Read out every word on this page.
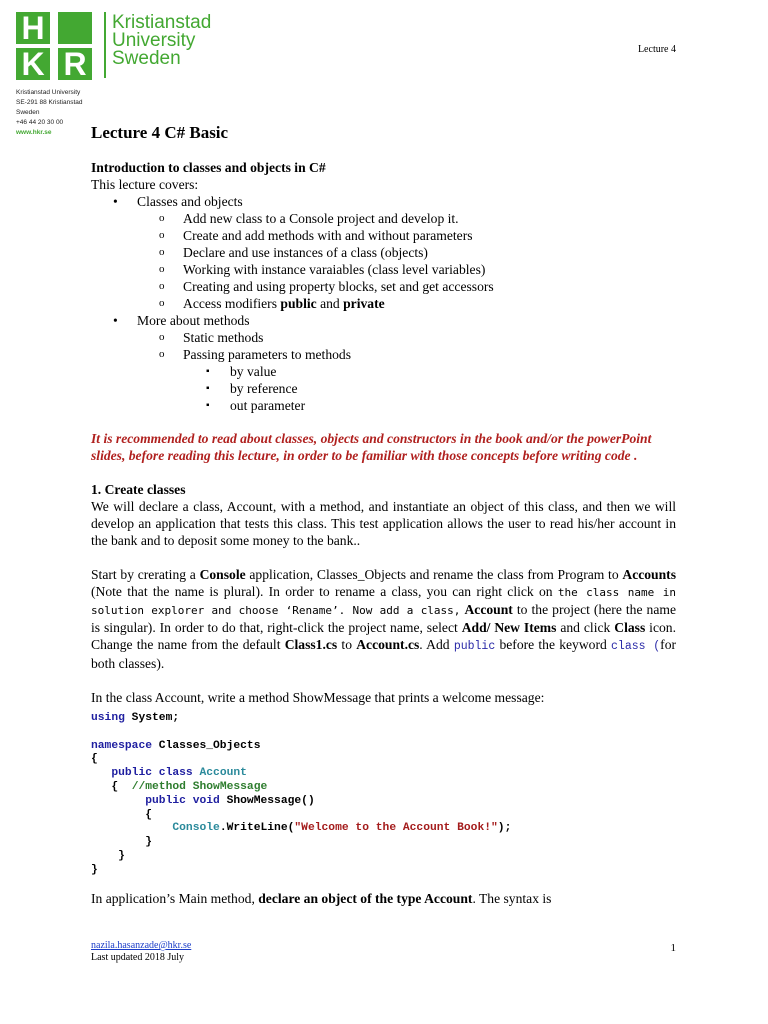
H
K R
Kristianstad
University
Sweden
Kristianstad University
SE-291 88 Kristianstad
Sweden
+46 44 20 30 00
www.hkr.se
Lecture 4
Lecture 4 C# Basic
Introduction to classes and objects in C#
This lecture covers:
• Classes and objects
o Add new class to a Console project and develop it.
o Create and add methods with and without parameters
o Declare and use instances of a class (objects)
o Working with instance varaiables (class level variables)
o Creating and using property blocks, set and get accessors
o Access modifiers public and private
• More about methods
o Static methods
o Passing parameters to methods
▪ by value
▪ by reference
▪ out parameter
It is recommended to read about classes, objects and constructors in the book and/or the powerPoint slides, before reading this lecture, in order to be familiar with those concepts before writing code .
1. Create classes
We will declare a class, Account, with a method, and instantiate an object of this class, and then we will develop an application that tests this class. This test application allows the user to read his/her account in the bank and to deposit some money to the bank..
Start by crerating a Console application, Classes_Objects and rename the class from Program to Accounts (Note that the name is plural). In order to rename a class, you can right click on the class name in solution explorer and choose ‘Rename’. Now add a class, Account to the project (here the name is singular). In order to do that, right-click the project name, select Add/ New Items and click Class icon. Change the name from the default Class1.cs to Account.cs. Add public before the keyword class (for both classes).
In the class Account, write a method ShowMessage that prints a welcome message:
using System;

namespace Classes_Objects
{
public class Account
{ //method ShowMessage
public void ShowMessage()
{
Console.WriteLine("Welcome to the Account Book!");
}
}
}
In application’s Main method, declare an object of the type Account. The syntax is
nazila.hasanzade@hkr.se
Last updated 2018 July
1
